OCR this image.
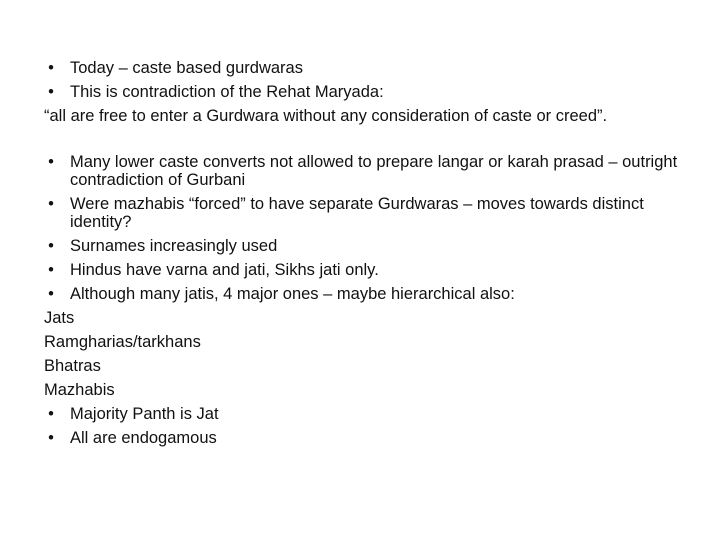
• Today – caste based gurdwaras
• This is contradiction of the Rehat Maryada:
“all are free to enter a Gurdwara without any consideration of caste or creed”.
• Many lower caste converts not allowed to prepare langar or karah prasad – outright contradiction of Gurbani
• Were mazhabis “forced” to have separate Gurdwaras – moves towards distinct identity?
• Surnames increasingly used
• Hindus have varna and jati, Sikhs jati only.
• Although many jatis, 4 major ones – maybe hierarchical also:
Jats
Ramgharias/tarkhans
Bhatras
Mazhabis
• Majority Panth is Jat
• All are endogamous
